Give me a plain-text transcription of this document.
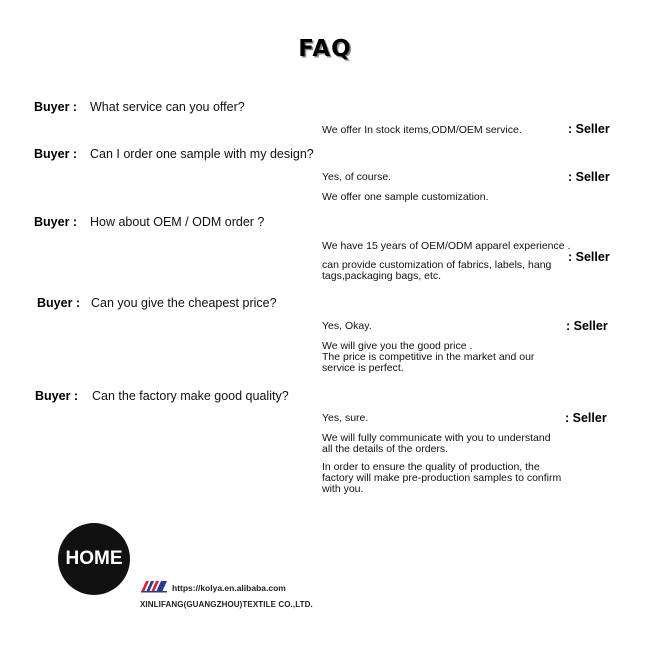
FAQ
Buyer : What service can you offer?
We offer In stock items,ODM/OEM service.	: Seller
Buyer : Can I order one sample with my design?
Yes, of course.	: Seller
We offer one sample customization.
Buyer : How about OEM / ODM order ?
We have 15 years of OEM/ODM apparel experience .
: Seller
can provide customization of fabrics, labels, hang tags,packaging bags, etc.
Buyer : Can you give the cheapest price?
Yes, Okay.	: Seller
We will give you the good price .
The price is competitive in the market and our service is perfect.
Buyer : Can the factory make good quality?
Yes, sure.	: Seller
We will fully communicate with you to understand all the details of the orders.
In order to ensure the quality of production, the factory will make pre-production samples to confirm with you.
HOME
https://kolya.en.alibaba.com
XINLIFANG(GUANGZHOU)TEXTILE CO.,LTD.
